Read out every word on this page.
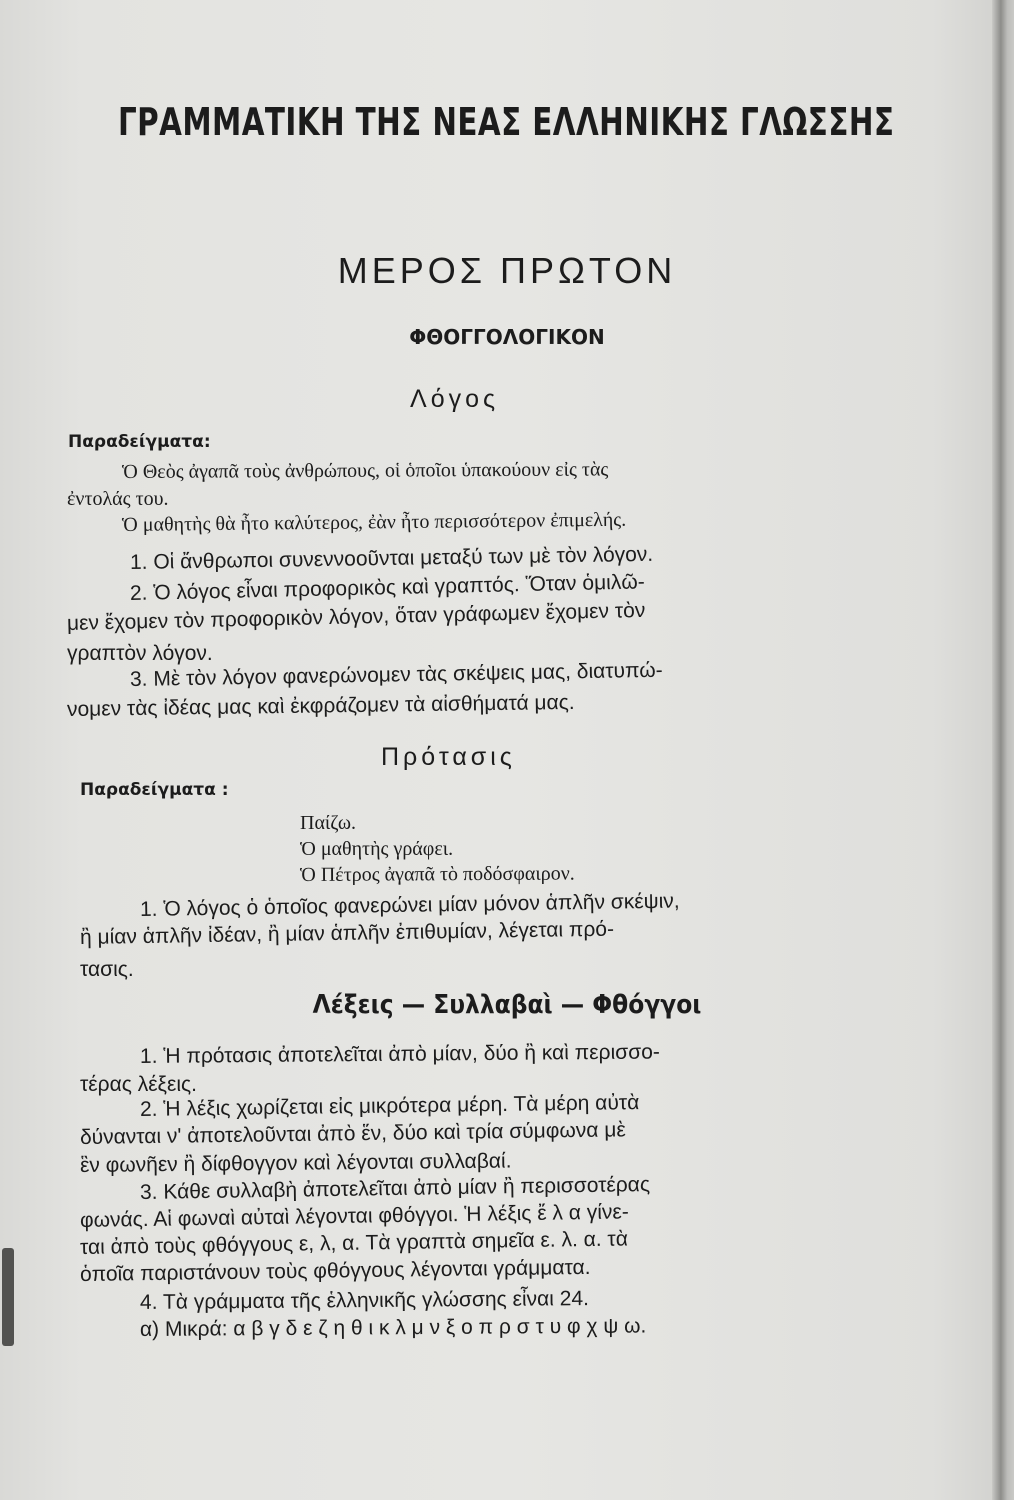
ΓΡΑΜΜΑΤΙΚΗ ΤΗΣ ΝΕΑΣ ΕΛΛΗΝΙΚΗΣ ΓΛΩΣΣΗΣ
ΜΕΡΟΣ ΠΡΩΤΟΝ
ΦΘΟΓΓΟΛΟΓΙΚΟΝ
Λόγος
Παραδείγματα:
Ὁ Θεὸς ἀγαπᾶ τοὺς ἀνθρώπους, οἱ ὁποῖοι ὑπακούουν εἰς τὰς
ἐντολάς του.
Ὁ μαθητὴς θὰ ἦτο καλύτερος, ἐὰν ἦτο περισσότερον ἐπιμελής.
1. Οἱ ἄνθρωποι συνεννοοῦνται μεταξύ των μὲ τὸν λόγον.
2. Ὁ λόγος εἶναι προφορικὸς καὶ γραπτός. Ὅταν ὁμιλῶ-
μεν ἔχομεν τὸν προφορικὸν λόγον, ὅταν γράφωμεν ἔχομεν τὸν
γραπτὸν λόγον.
3. Μὲ τὸν λόγον φανερώνομεν τὰς σκέψεις μας, διατυπώ-
νομεν τὰς ἰδέας μας καὶ ἐκφράζομεν τὰ αἰσθήματά μας.
Πρότασις
Παραδείγματα :
Παίζω.
Ὁ μαθητὴς γράφει.
Ὁ Πέτρος ἀγαπᾶ τὸ ποδόσφαιρον.
1. Ὁ λόγος ὁ ὁποῖος φανερώνει μίαν μόνον ἁπλῆν σκέψιν,
ἢ μίαν ἁπλῆν ἰδέαν, ἢ μίαν ἁπλῆν ἐπιθυμίαν, λέγεται πρό-
τασις.
Λέξεις — Συλλαβαὶ — Φθόγγοι
1. Ἡ πρότασις ἀποτελεῖται ἀπὸ μίαν, δύο ἢ καὶ περισσο-
τέρας λέξεις.
2. Ἡ λέξις χωρίζεται εἰς μικρότερα μέρη. Τὰ μέρη αὐτὰ
δύνανται ν' ἀποτελοῦνται ἀπὸ ἕν, δύο καὶ τρία σύμφωνα μὲ
ἓν φωνῆεν ἢ δίφθογγον καὶ λέγονται συλλαβαί.
3. Κάθε συλλαβὴ ἀποτελεῖται ἀπὸ μίαν ἢ περισσοτέρας
φωνάς. Αἱ φωναὶ αὐταὶ λέγονται φθόγγοι. Ἡ λέξις ἔ λ α γίνε-
ται ἀπὸ τοὺς φθόγγους ε, λ, α. Τὰ γραπτὰ σημεῖα ε. λ. α. τὰ
ὁποῖα παριστάνουν τοὺς φθόγγους λέγονται γράμματα.
4. Τὰ γράμματα τῆς ἑλληνικῆς γλώσσης εἶναι 24.
α) Μικρά: α β γ δ ε ζ η θ ι κ λ μ ν ξ ο π ρ σ τ υ φ χ ψ ω.
